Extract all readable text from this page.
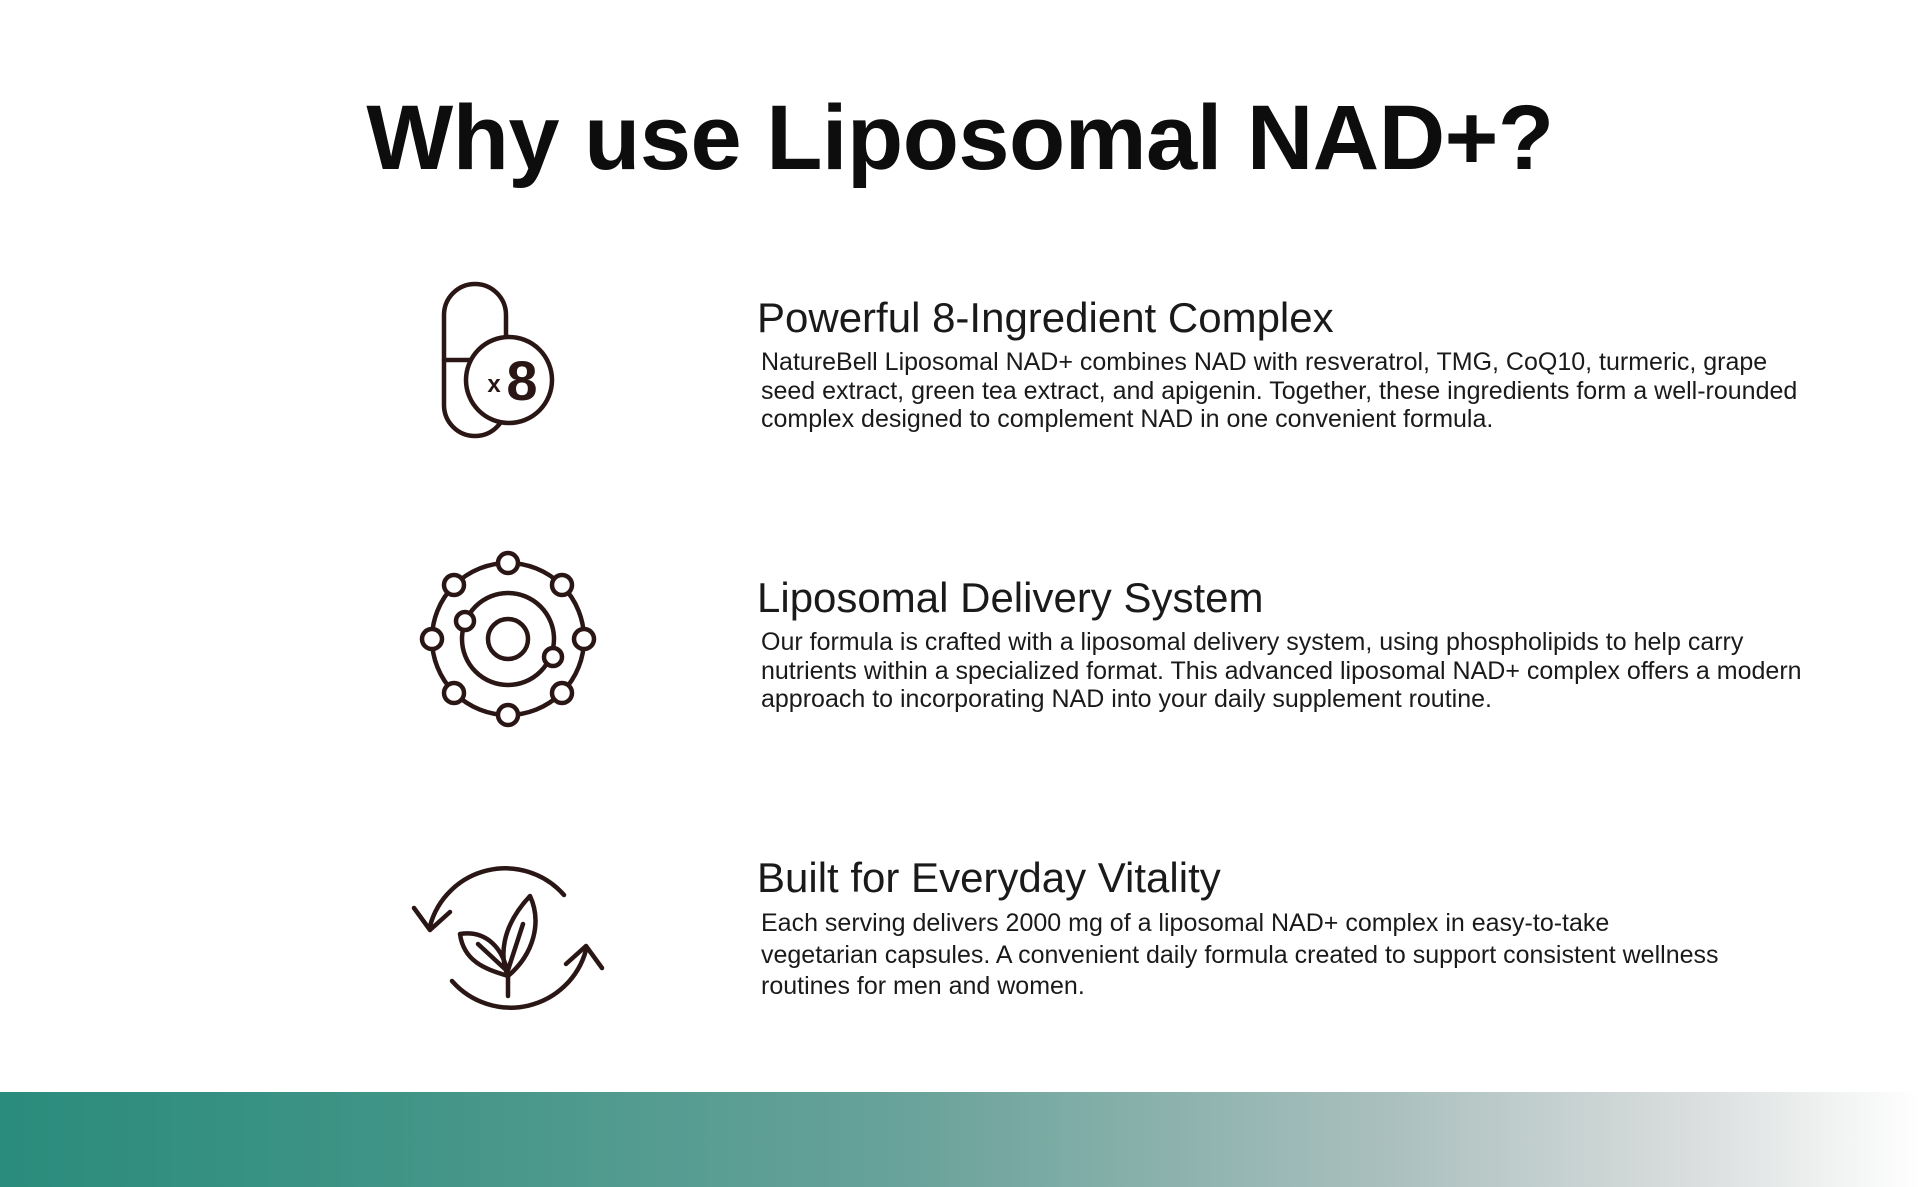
Why use Liposomal NAD+?
x 8
Powerful 8-Ingredient Complex

NatureBell Liposomal NAD+ combines NAD with resveratrol, TMG, CoQ10, turmeric, grape seed extract, green tea extract, and apigenin. Together, these ingredients form a well-rounded complex designed to complement NAD in one convenient formula.

Liposomal Delivery System

Our formula is crafted with a liposomal delivery system, using phospholipids to help carry nutrients within a specialized format. This advanced liposomal NAD+ complex offers a modern approach to incorporating NAD into your daily supplement routine.

Built for Everyday Vitality

Each serving delivers 2000 mg of a liposomal NAD+ complex in easy-to-take vegetarian capsules. A convenient daily formula created to support consistent wellness routines for men and women.
